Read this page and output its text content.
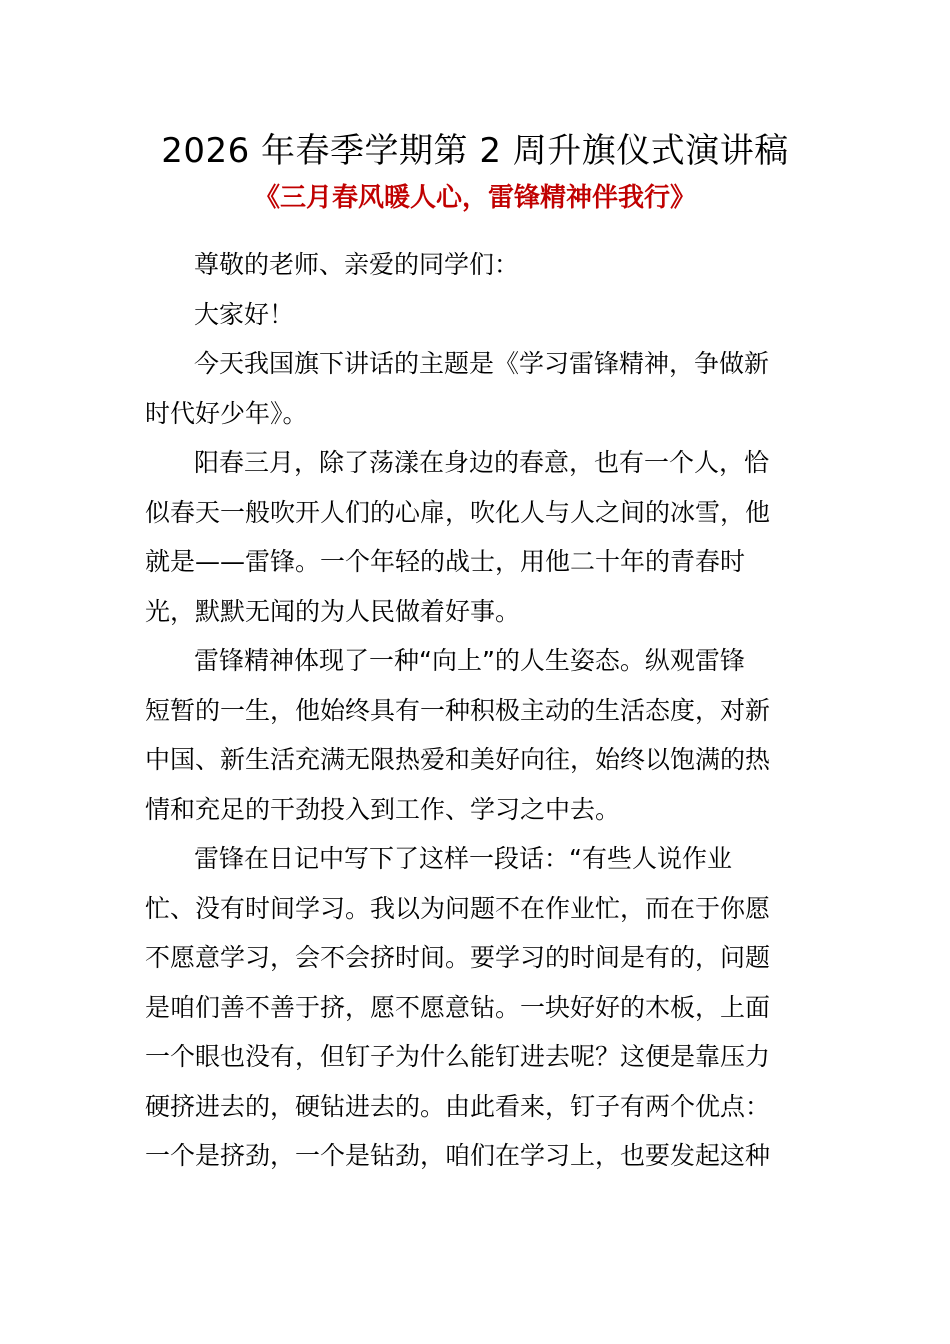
2026 年春季学期第 2 周升旗仪式演讲稿
《三月春风暖人心，雷锋精神伴我行》
尊敬的老师、亲爱的同学们：
大家好！
今天我国旗下讲话的主题是《学习雷锋精神，争做新
时代好少年》。
阳春三月，除了荡漾在身边的春意，也有一个人，恰
似春天一般吹开人们的心扉，吹化人与人之间的冰雪，他
就是——雷锋。一个年轻的战士，用他二十年的青春时
光，默默无闻的为人民做着好事。
雷锋精神体现了一种“向上”的人生姿态。纵观雷锋
短暂的一生，他始终具有一种积极主动的生活态度，对新
中国、新生活充满无限热爱和美好向往，始终以饱满的热
情和充足的干劲投入到工作、学习之中去。
雷锋在日记中写下了这样一段话：“有些人说作业
忙、没有时间学习。我以为问题不在作业忙，而在于你愿
不愿意学习，会不会挤时间。要学习的时间是有的，问题
是咱们善不善于挤，愿不愿意钻。一块好好的木板，上面
一个眼也没有，但钉子为什么能钉进去呢？这便是靠压力
硬挤进去的，硬钻进去的。由此看来，钉子有两个优点：
一个是挤劲，一个是钻劲，咱们在学习上，也要发起这种
